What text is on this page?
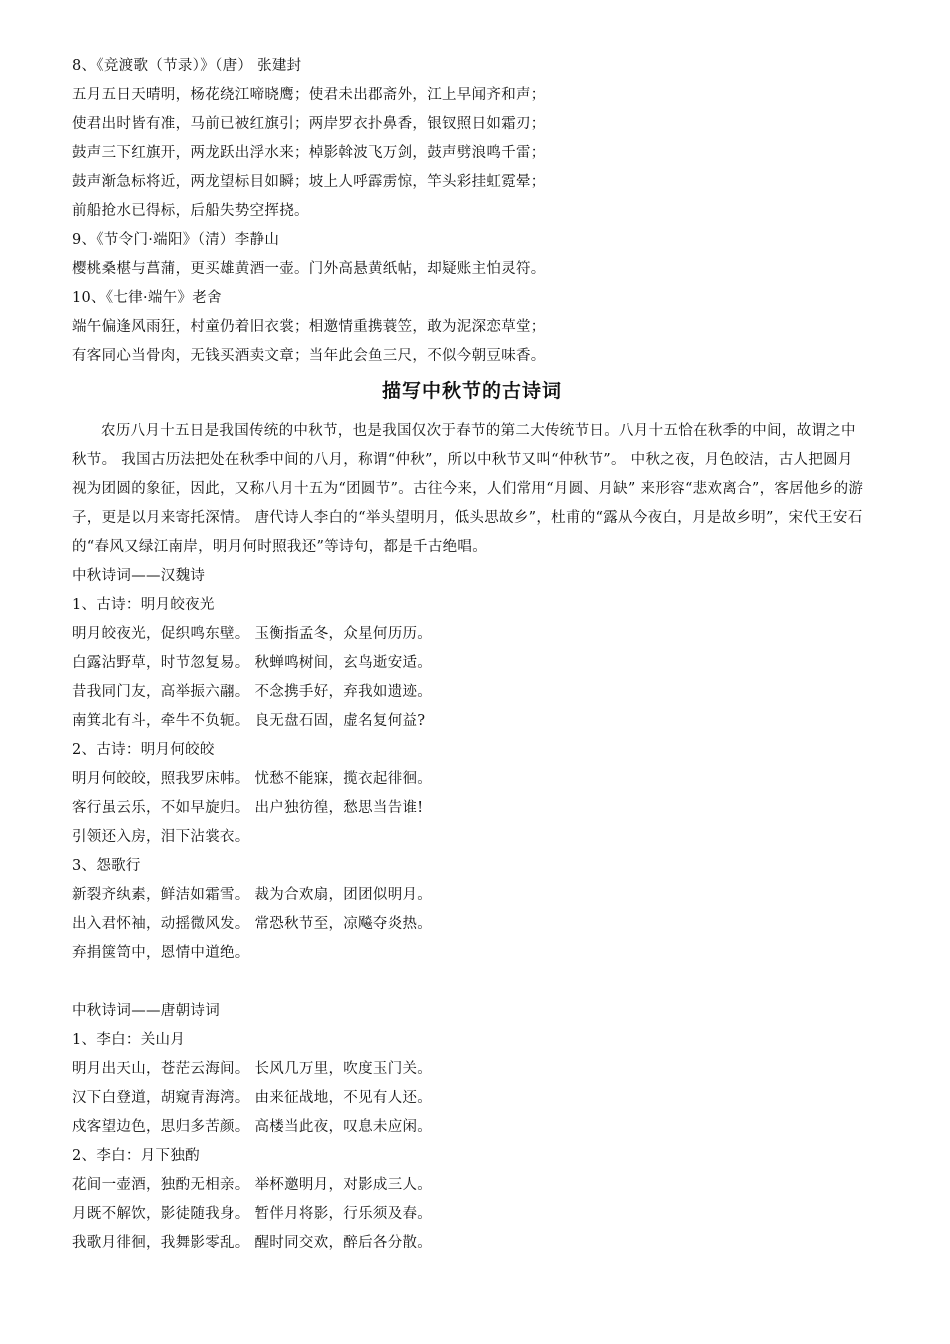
8、《竞渡歌（节录）》（唐） 张建封
五月五日天晴明，杨花绕江啼晓鹰；使君未出郡斋外，江上早闻齐和声；
使君出时皆有准，马前已被红旗引；两岸罗衣扑鼻香，银钗照日如霜刃；
鼓声三下红旗开，两龙跃出浮水来；棹影斡波飞万剑，鼓声劈浪鸣千雷；
鼓声渐急标将近，两龙望标目如瞬；坡上人呼霹雳惊，竿头彩挂虹霓晕；
前船抢水已得标，后船失势空挥挠。
9、《节令门·端阳》（清）李静山
樱桃桑椹与菖蒲，更买雄黄酒一壶。门外高悬黄纸帖，却疑账主怕灵符。
10、《七律·端午》老舍
端午偏逢风雨狂，村童仍着旧衣裳；相邀情重携蓑笠，敢为泥深恋草堂；
有客同心当骨肉，无钱买酒卖文章；当年此会鱼三尺，不似今朝豆味香。
描写中秋节的古诗词

农历八月十五日是我国传统的中秋节，也是我国仅次于春节的第二大传统节日。八月十五恰在秋季的中间，故谓之中秋节。 我国古历法把处在秋季中间的八月，称谓“仲秋”，所以中秋节又叫“仲秋节”。 中秋之夜，月色皎洁，古人把圆月视为团圆的象征，因此，又称八月十五为“团圆节”。古往今来，人们常用“月圆、月缺” 来形容“悲欢离合”，客居他乡的游子，更是以月来寄托深情。 唐代诗人李白的“举头望明月，低头思故乡”，杜甫的“露从今夜白，月是故乡明”，宋代王安石的“春风又绿江南岸，明月何时照我还”等诗句，都是千古绝唱。

中秋诗词——汉魏诗
1、古诗：明月皎夜光
明月皎夜光，促织鸣东壁。 玉衡指孟冬，众星何历历。
白露沾野草，时节忽复易。 秋蝉鸣树间，玄鸟逝安适。
昔我同门友，高举振六翮。 不念携手好，弃我如遗迹。
南箕北有斗，牵牛不负轭。 良无盘石固，虚名复何益?
2、古诗：明月何皎皎
明月何皎皎，照我罗床帏。 忧愁不能寐，揽衣起徘徊。
客行虽云乐，不如早旋归。 出户独彷徨，愁思当告谁!
引领还入房，泪下沾裳衣。
3、怨歌行
新裂齐纨素，鲜洁如霜雪。 裁为合欢扇，团团似明月。
出入君怀袖，动摇微风发。 常恐秋节至，凉飚夺炎热。
弃捐箧笥中，恩情中道绝。
中秋诗词——唐朝诗词
1、李白：关山月
明月出天山，苍茫云海间。 长风几万里，吹度玉门关。
汉下白登道，胡窥青海湾。 由来征战地，不见有人还。
戍客望边色，思归多苦颜。 高楼当此夜，叹息未应闲。
2、李白：月下独酌
花间一壶酒，独酌无相亲。 举杯邀明月，对影成三人。
月既不解饮，影徒随我身。 暂伴月将影，行乐须及春。
我歌月徘徊，我舞影零乱。 醒时同交欢，醉后各分散。
